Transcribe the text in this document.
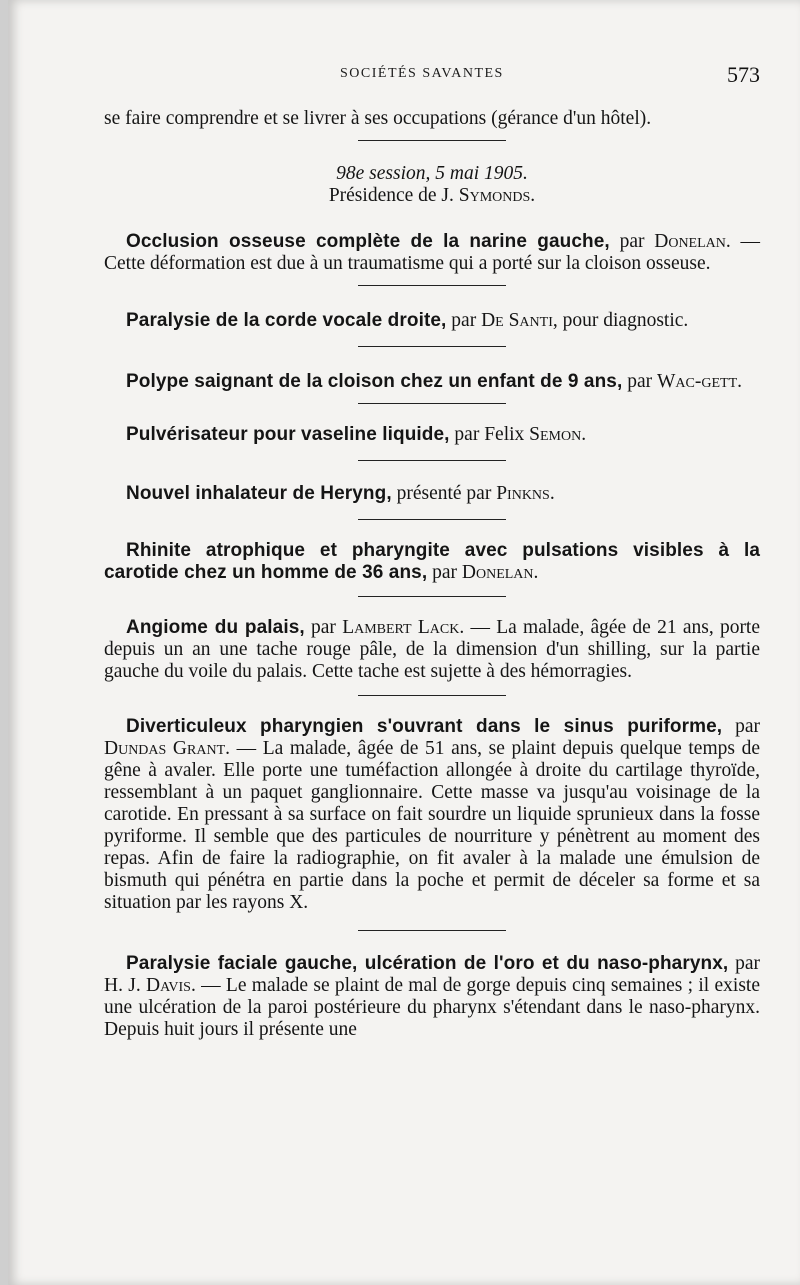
SOCIÉTÉS SAVANTES	573

se faire comprendre et se livrer à ses occupations (gérance d'un hôtel).

98e session, 5 mai 1905.

Présidence de J. Symonds.

Occlusion osseuse complète de la narine gauche, par Donelan. — Cette déformation est due à un traumatisme qui a porté sur la cloison osseuse.

Paralysie de la corde vocale droite, par De Santi, pour diagnostic.

Polype saignant de la cloison chez un enfant de 9 ans, par Wac-gett.

Pulvérisateur pour vaseline liquide, par Felix Semon.

Nouvel inhalateur de Heryng, présenté par Pinkns.

Rhinite atrophique et pharyngite avec pulsations visibles à la carotide chez un homme de 36 ans, par Donelan.

Angiome du palais, par Lambert Lack. — La malade, âgée de 21 ans, porte depuis un an une tache rouge pâle, de la dimension d'un shilling, sur la partie gauche du voile du palais. Cette tache est sujette à des hémorragies.

Diverticuleux pharyngien s'ouvrant dans le sinus puriforme, par Dundas Grant. — La malade, âgée de 51 ans, se plaint depuis quelque temps de gêne à avaler. Elle porte une tuméfaction allongée à droite du cartilage thyroïde, ressemblant à un paquet ganglionnaire. Cette masse va jusqu'au voisinage de la carotide. En pressant à sa surface on fait sourdre un liquide sprunieux dans la fosse pyriforme. Il semble que des particules de nourriture y pénètrent au moment des repas. Afin de faire la radiographie, on fit avaler à la malade une émulsion de bismuth qui pénétra en partie dans la poche et permit de déceler sa forme et sa situation par les rayons X.

Paralysie faciale gauche, ulcération de l'oro et du naso-pharynx, par H. J. Davis. — Le malade se plaint de mal de gorge depuis cinq semaines ; il existe une ulcération de la paroi postérieure du pharynx s'étendant dans le naso-pharynx. Depuis huit jours il présente une
